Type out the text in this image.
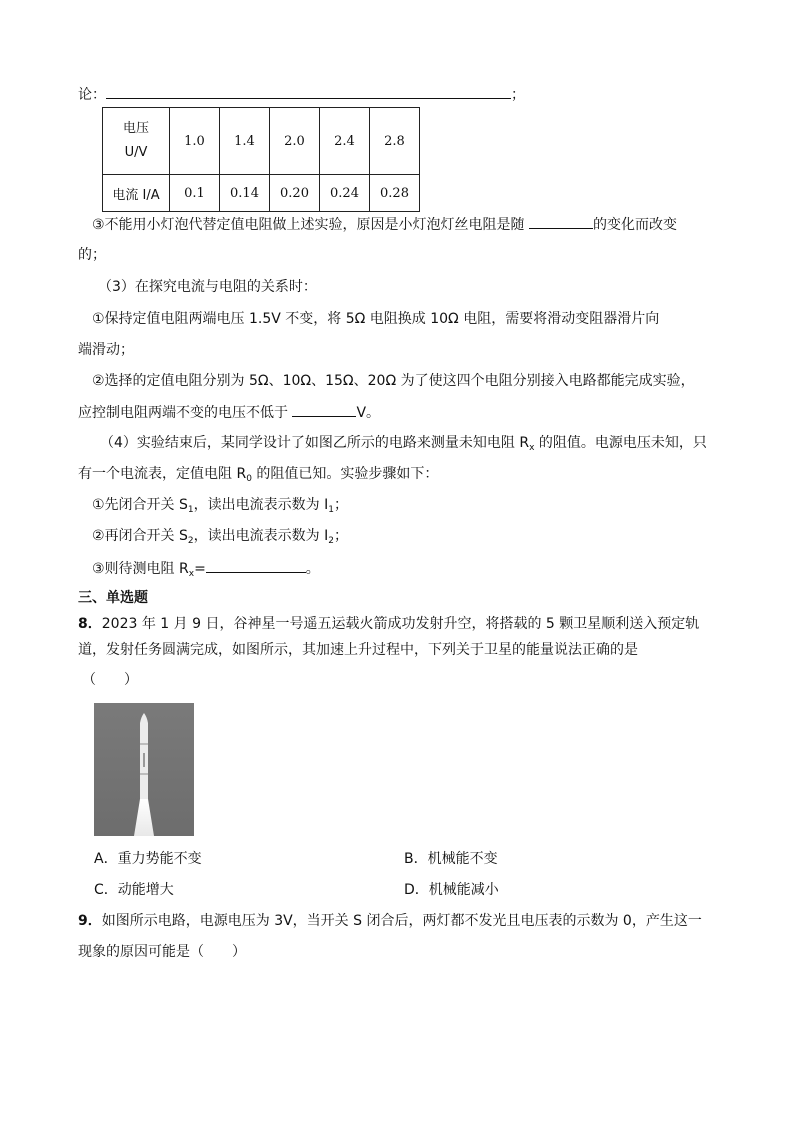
论：	；
电压
U/V	1.0	1.4	2.0	2.4	2.8
电流 I/A	0.1	0.14	0.20	0.24	0.28
③不能用小灯泡代替定值电阻做上述实验，原因是小灯泡灯丝电阻是随	的变化而改变
的；
（3）在探究电流与电阻的关系时：
①保持定值电阻两端电压 1.5V 不变，将 5Ω 电阻换成 10Ω 电阻，需要将滑动变阻器滑片向
端滑动；
②选择的定值电阻分别为 5Ω、10Ω、15Ω、20Ω 为了使这四个电阻分别接入电路都能完成实验，
应控制电阻两端不变的电压不低于	V。
（4）实验结束后，某同学设计了如图乙所示的电路来测量未知电阻 $R_x$ 的阻值。电源电压未知，只
有一个电流表，定值电阻 $R_0$ 的阻值已知。实验步骤如下：
①先闭合开关 $S_1$，读出电流表示数为 $I_1$；
②再闭合开关 $S_2$，读出电流表示数为 $I_2$；
③则待测电阻 $R_x=$	。
三、单选题
8．2023 年 1 月 9 日，谷神星一号遥五运载火箭成功发射升空，将搭载的 5 颗卫星顺利送入预定轨
道，发射任务圆满完成，如图所示，其加速上升过程中，下列关于卫星的能量说法正确的是
（　　）
A．重力势能不变	B．机械能不变
C．动能增大	D．机械能减小
9．如图所示电路，电源电压为 3V，当开关 S 闭合后，两灯都不发光且电压表的示数为 0，产生这一
现象的原因可能是（　　）
